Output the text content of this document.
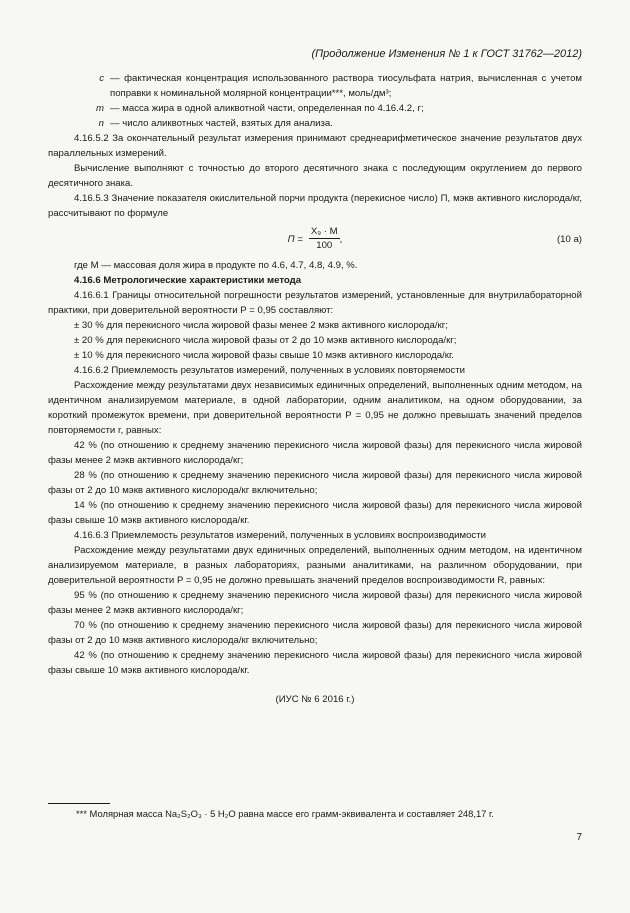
(Продолжение Изменения № 1 к ГОСТ 31762—2012)
c — фактическая концентрация использованного раствора тиосульфата натрия, вычисленная с учетом поправки к номинальной молярной концентрации***, моль/дм³;
m — масса жира в одной аликвотной части, определенная по 4.16.4.2, г;
n — число аликвотных частей, взятых для анализа.

4.16.5.2 За окончательный результат измерения принимают среднеарифметическое значение результатов двух параллельных измерений.

Вычисление выполняют с точностью до второго десятичного знака с последующим округлением до первого десятичного знака.

4.16.5.3 Значение показателя окислительной порчи продукта (перекисное число) П, мэкв активного кислорода/кг, рассчитывают по формуле

$П = \frac{\text{X₉ · M}}{100}$ ,	(10 а)

где M — массовая доля жира в продукте по 4.6, 4.7, 4.8, 4.9, %.

4.16.6 Метрологические характеристики метода

4.16.6.1 Границы относительной погрешности результатов измерений, установленные для внутрилабораторной практики, при доверительной вероятности P = 0,95 составляют:

± 30 % для перекисного числа жировой фазы менее 2 мэкв активного кислорода/кг;

± 20 % для перекисного числа жировой фазы от 2 до 10 мэкв активного кислорода/кг;

± 10 % для перекисного числа жировой фазы свыше 10 мэкв активного кислорода/кг.

4.16.6.2 Приемлемость результатов измерений, полученных в условиях повторяемости

Расхождение между результатами двух независимых единичных определений, выполненных одним методом, на идентичном анализируемом материале, в одной лаборатории, одним аналитиком, на одном оборудовании, за короткий промежуток времени, при доверительной вероятности P = 0,95 не должно превышать значений пределов повторяемости r, равных:

42 % (по отношению к среднему значению перекисного числа жировой фазы) для перекисного числа жировой фазы менее 2 мэкв активного кислорода/кг;

28 % (по отношению к среднему значению перекисного числа жировой фазы) для перекисного числа жировой фазы от 2 до 10 мэкв активного кислорода/кг включительно;

14 % (по отношению к среднему значению перекисного числа жировой фазы) для перекисного числа жировой фазы свыше 10 мэкв активного кислорода/кг.

4.16.6.3 Приемлемость результатов измерений, полученных в условиях воспроизводимости

Расхождение между результатами двух единичных определений, выполненных одним методом, на идентичном анализируемом материале, в разных лабораториях, разными аналитиками, на различном оборудовании, при доверительной вероятности P = 0,95 не должно превышать значений пределов воспроизводимости R, равных:

95 % (по отношению к среднему значению перекисного числа жировой фазы) для перекисного числа жировой фазы менее 2 мэкв активного кислорода/кг;

70 % (по отношению к среднему значению перекисного числа жировой фазы) для перекисного числа жировой фазы от 2 до 10 мэкв активного кислорода/кг включительно;

42 % (по отношению к среднему значению перекисного числа жировой фазы) для перекисного числа жировой фазы свыше 10 мэкв активного кислорода/кг.

(ИУС № 6 2016 г.)

*** Молярная масса Na₂S₂O₃ · 5 H₂O равна массе его грамм-эквивалента и составляет 248,17 г.
7
